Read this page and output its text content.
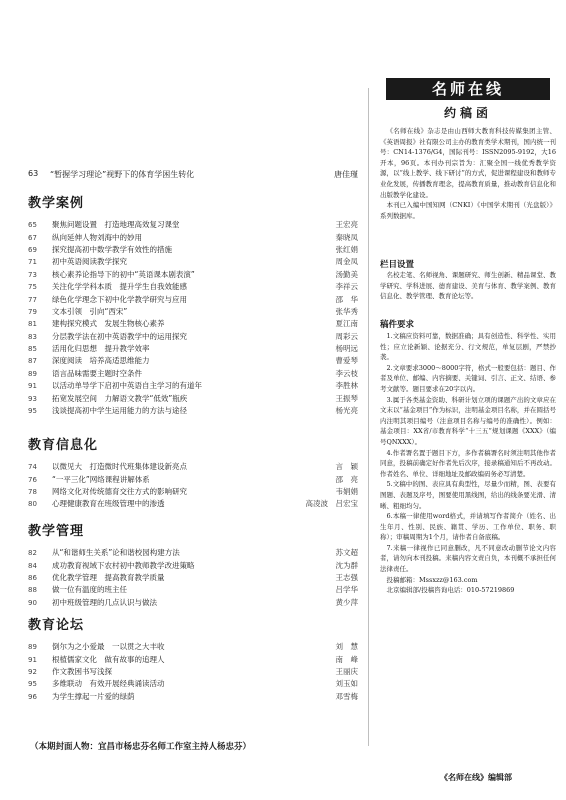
63	“暂握学习理论”视野下的体育学困生转化	唐佳瑾
教学案例
65	聚焦问题设置　打造地理高效复习课堂	王宏亮
67	纵向延伸人物刘海中的妙用	秦晓凤
69	探究提高初中数学教学有效性的措施	张红娟
71	初中英语阅读教学探究	周金凤
73	核心素养论指导下的初中“英语课本剧表演”	汤勤美
75	关注化学学科本质　提升学生自我效能感	李祥云
77	绿色化学理念下初中化学教学研究与应用	邵　华
79	文本引领　引向“西宋”	张华秀
81	建构探究模式　发展生物核心素养	夏江南
83	分层教学法在初中英语教学中的运用探究	周彩云
85	活用化归思想　提升教学效率	杨明远
87	深度阅读　培养高适思维能力	曹爱琴
89	语言品味需要主题时空条件	李云枝
91	以活动单导学下启初中英语自主学习的有道年	李胜林
93	拓宽发展空间　力解语文教学“低效”瓶疾	王振琴
95	浅谈提高初中学生运用能力的方法与途径	杨光亮
教育信息化
74	以微见大　打造微时代班集体建设新亮点	言　颖
76	“一平三化”网络课程讲解体系	邵　亮
78	网络文化对传统德育交往方式的影响研究	韦娟娟
80	心理健康教育在班级管理中的渗透	高凌波　吕宏宝
教学管理
82	从“和谐师生关系”论和谐校园构建方法	苏文超
84	成功教育视域下农村初中教师教学改进策略	沈为群
86	优化教学管理　提高教育教学质量	王志强
88	做一位有温度的班主任	吕学华
90	初中班级管理的几点认识与做法	黄少萍
教育论坛
89	倒尔为之小爱最　一以贯之大丰收	刘　慧
91	根植儒家文化　做有故事的追理人	南　峰
92	作文教困书写浅探	王丽庆
95	多维联动　有效开展经典诵读活动	刘玉如
96	为学生撑起一片爱的绿荫	邓雪梅
（本期封面人物：宜昌市杨忠芬名师工作室主持人杨忠芬）
名师在线
约稿函

《名师在线》杂志是由山西师大教育科技传媒集团主管、《英语周报》社有限公司主办的教育类学术期刊，国内统一刊号：CN14-1376/G4，国际刊号：ISSN2095-9192，大16开本，96页。本刊办刊宗旨为：汇聚全国一线优秀教学资源，以“线上教学、线下研讨”的方式，促进课程建设和教师专业化发展，传播教育理念，提高教育质量，推动教育信息化和出版教学化建设。

本刊已入编中国知网（CNKI）《中国学术期刊（光盘版）》系列数据库。

栏目设置

名校走笔、名师视角、课题研究、师生创新、精品课堂、教学研究、学科进展、德育建设、美育与体育、教学案例、教育信息化、教学管理、教育论坛等。

稿件要求

1.文稿应资料可靠，数据准确；具有创造性、科学性、实用性；应立论新颖、论据充分、行文规范，单复层剧，严禁抄袭。

2.文章要求3000～8000字符，格式一般要包括：题目、作者及单位、邮编、内容摘要、关键词、引言、正文、结语、参考文献等。题目要求在20字以内。

3.属于各类基金资助、科研计划立项的课题产出的文章应在文末以“基金项目”作为标识，注明基金项目名称，并在圆括号内注明其项目编号（注意项目名称与编号的准确性）。例如：基金项目：XX省/市教育科学“十三五”规划课题《XXX》（编号QNXXX）。

4.作者署名置于题目下方，多作者稿署名时须注明其他作者同意，投稿前确定好作者先后次序，接录稿通知后不再改动。作者姓名、单位、详细地址及邮政编码务必写清楚。

5.文稿中的图、表应具有典型性，尽量少而精，图、表要有图题、表题及序号，图要使用黑线图，给出的线条要光滑、清晰、粗细均匀。

6.本稿一律使用word格式，并请填写作者简介（姓名、出生年月、性别、民族、籍贯、学历、工作单位、职务、职称）；审稿周期为1个月，请作者自备底稿。

7.来稿一律视作已同意删改，凡不同意改动删节论文内容者，请勿向本刊投稿。来稿内容文责自负，本刊概不承担任何法律责任。

投稿邮箱：Mssxzz@163.com

北京编辑部/投稿咨询电话：010-57219869

《名师在线》编辑部
